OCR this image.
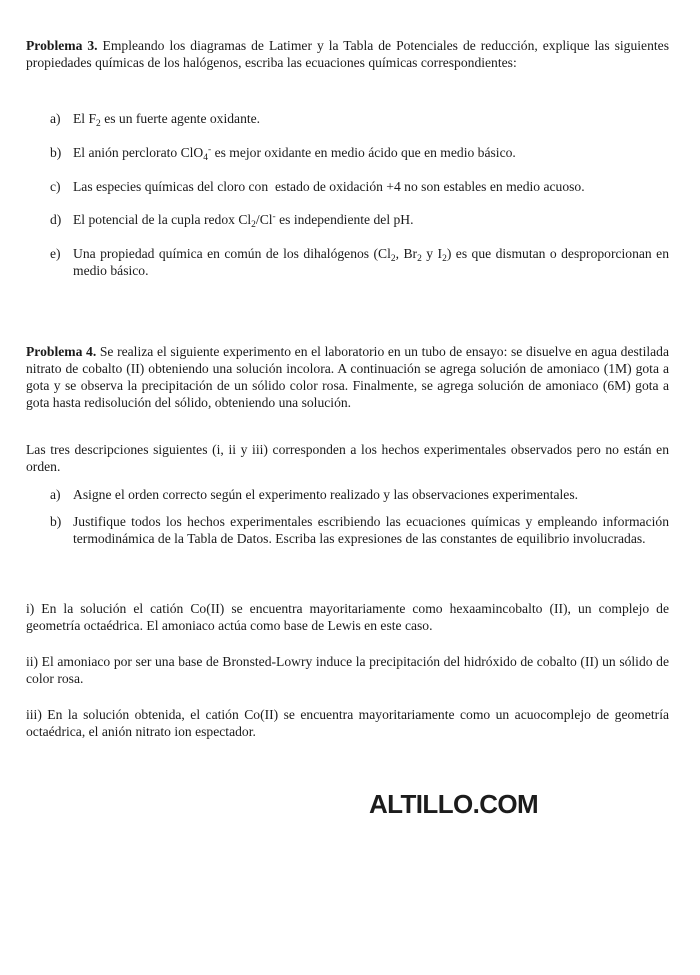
Problema 3. Empleando los diagramas de Latimer y la Tabla de Potenciales de reducción, explique las siguientes propiedades químicas de los halógenos, escriba las ecuaciones químicas correspondientes:

a) El $F_2$ es un fuerte agente oxidante.
b) El anión perclorato ClO$_4$- es mejor oxidante en medio ácido que en medio básico.
c) Las especies químicas del cloro con  estado de oxidación +4 no son estables en medio acuoso.
d) El potencial de la cupla redox $Cl_2/Cl^-$ es independiente del pH.
e) Una propiedad química en común de los dihalógenos ($Cl_2$, $Br_2$ y $I_2$) es que dismutan o desproporcionan en medio básico.

Problema 4. Se realiza el siguiente experimento en el laboratorio en un tubo de ensayo: se disuelve en agua destilada nitrato de cobalto (II) obteniendo una solución incolora. A continuación se agrega solución de amoniaco (1M) gota a gota y se observa la precipitación de un sólido color rosa. Finalmente, se agrega solución de amoniaco (6M) gota a gota hasta redisolución del sólido, obteniendo una solución.

Las tres descripciones siguientes (i, ii y iii) corresponden a los hechos experimentales observados pero no están en orden.

a) Asigne el orden correcto según el experimento realizado y las observaciones experimentales.
b) Justifique todos los hechos experimentales escribiendo las ecuaciones químicas y empleando información termodinámica de la Tabla de Datos. Escriba las expresiones de las constantes de equilibrio involucradas.

i) En la solución el catión Co(II) se encuentra mayoritariamente como hexaamincobalto (II), un complejo de geometría octaédrica. El amoniaco actúa como base de Lewis en este caso.

ii) El amoniaco por ser una base de Bronsted-Lowry induce la precipitación del hidróxido de cobalto (II) un sólido de color rosa.

iii) En la solución obtenida, el catión Co(II) se encuentra mayoritariamente como un acuocomplejo de geometría octaédrica, el anión nitrato ion espectador.

ALTILLO.COM
